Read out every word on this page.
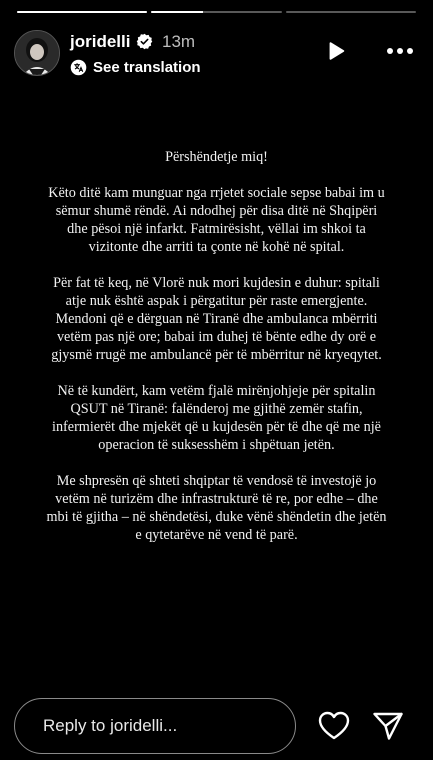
joridelli 13m
See translation

Përshëndetje miq!

Këto ditë kam munguar nga rrjetet sociale sepse babai im u sëmur shumë rëndë. Ai ndodhej për disa ditë në Shqipëri dhe pësoi një infarkt. Fatmirësisht, vëllai im shkoi ta vizitonte dhe arriti ta çonte në kohë në spital.

Për fat të keq, në Vlorë nuk mori kujdesin e duhur: spitali atje nuk është aspak i përgatitur për raste emergjente. Mendoni që e dërguan në Tiranë dhe ambulanca mbërriti vetëm pas një ore; babai im duhej të bënte edhe dy orë e gjysmë rrugë me ambulancë për të mbërritur në kryeqytet.

Në të kundërt, kam vetëm fjalë mirënjohjeje për spitalin QSUT në Tiranë: falënderoj me gjithë zemër stafin, infermierët dhe mjekët që u kujdesën për të dhe që me një operacion të suksesshëm i shpëtuan jetën.

Me shpresën që shteti shqiptar të vendosë të investojë jo vetëm në turizëm dhe infrastrukturë të re, por edhe – dhe mbi të gjitha – në shëndetësi, duke vënë shëndetin dhe jetën e qytetarëve në vend të parë.

Reply to joridelli...
